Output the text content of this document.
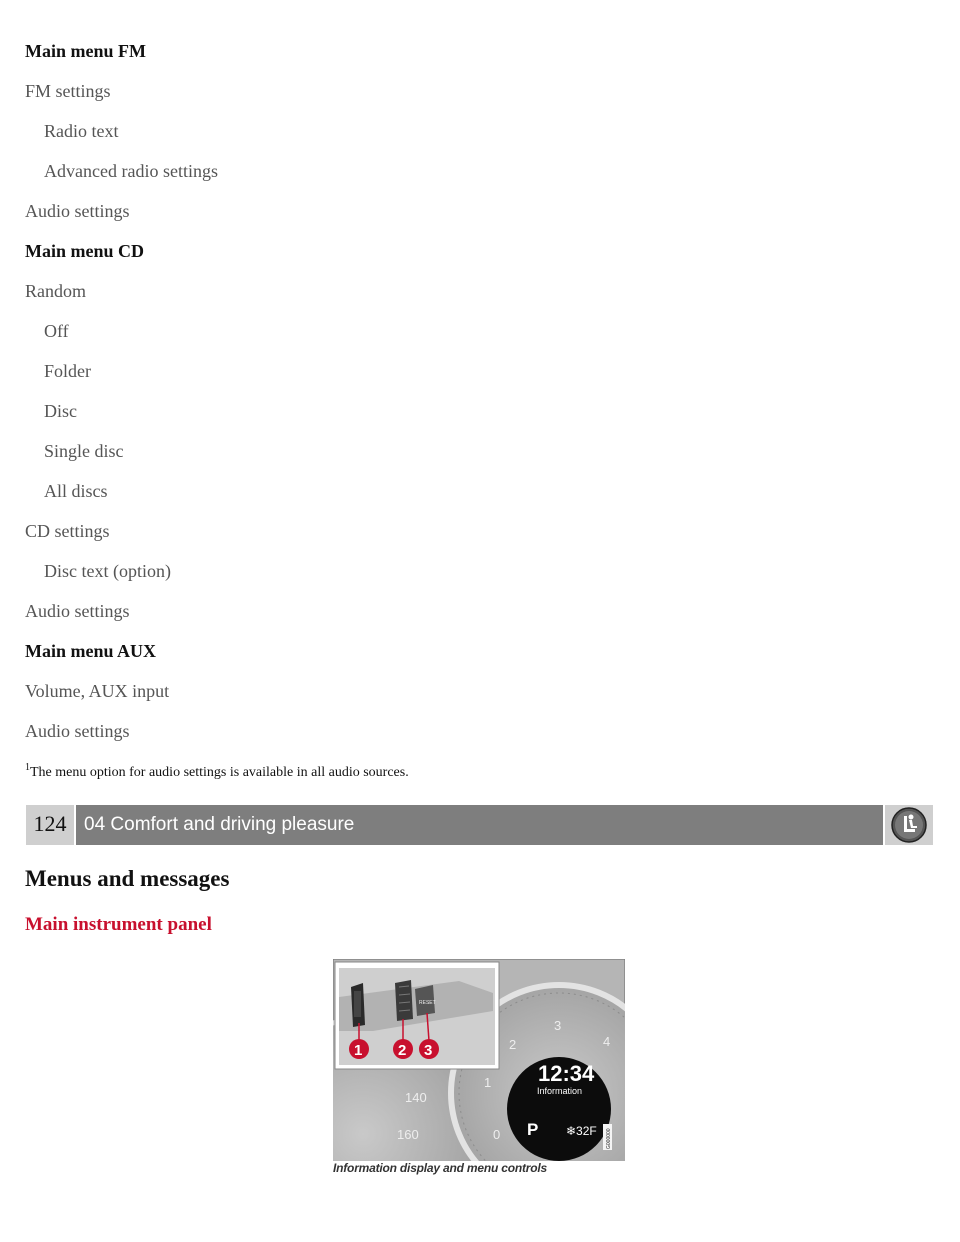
Main menu FM
FM settings
Radio text
Advanced radio settings
Audio settings
Main menu CD
Random
Off
Folder
Disc
Single disc
All discs
CD settings
Disc text (option)
Audio settings
Main menu AUX
Volume, AUX input
Audio settings
$^1$The menu option for audio settings is available in all audio sources.
124 04 Comfort and driving pleasure
Menus and messages
Main instrument panel
140
160
1
2
3
4
0
12:34
Information
P ❄32F G000000
RESET
1 2 3
Information display and menu controls
